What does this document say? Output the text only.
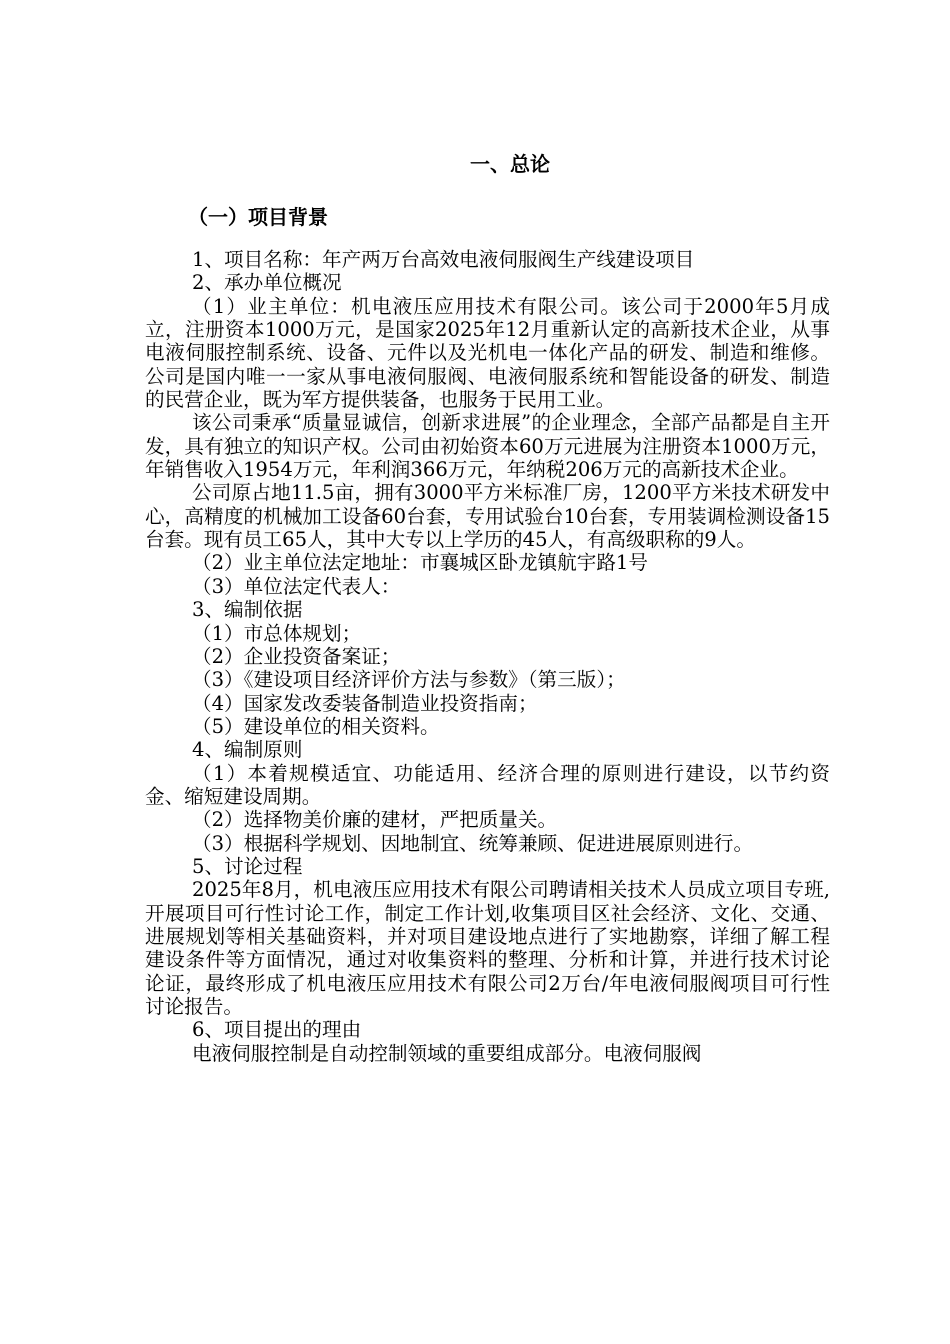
一、总论
（一）项目背景

1、项目名称：年产两万台高效电液伺服阀生产线建设项目

2、承办单位概况

（1）业主单位：机电液压应用技术有限公司。该公司于2000年5月成立，注册资本1000万元，是国家2025年12月重新认定的高新技术企业，从事电液伺服控制系统、设备、元件以及光机电一体化产品的研发、制造和维修。公司是国内唯一一家从事电液伺服阀、电液伺服系统和智能设备的研发、制造的民营企业，既为军方提供装备，也服务于民用工业。

该公司秉承“质量显诚信，创新求进展”的企业理念，全部产品都是自主开发，具有独立的知识产权。公司由初始资本60万元进展为注册资本1000万元，年销售收入1954万元，年利润366万元，年纳税206万元的高新技术企业。

公司原占地11.5亩，拥有3000平方米标准厂房，1200平方米技术研发中心，高精度的机械加工设备60台套，专用试验台10台套，专用装调检测设备15台套。现有员工65人，其中大专以上学历的45人，有高级职称的9人。

（2）业主单位法定地址：市襄城区卧龙镇航宇路1号

（3）单位法定代表人：

3、编制依据

（1）市总体规划；

（2）企业投资备案证；

（3）《建设项目经济评价方法与参数》（第三版）；

（4）国家发改委装备制造业投资指南；

（5）建设单位的相关资料。

4、编制原则

（1）本着规模适宜、功能适用、经济合理的原则进行建设，以节约资金、缩短建设周期。

（2）选择物美价廉的建材，严把质量关。

（3）根据科学规划、因地制宜、统筹兼顾、促进进展原则进行。

5、讨论过程

2025年8月，机电液压应用技术有限公司聘请相关技术人员成立项目专班,开展项目可行性讨论工作，制定工作计划,收集项目区社会经济、文化、交通、进展规划等相关基础资料，并对项目建设地点进行了实地勘察，详细了解工程建设条件等方面情况，通过对收集资料的整理、分析和计算，并进行技术讨论论证，最终形成了机电液压应用技术有限公司2万台/年电液伺服阀项目可行性讨论报告。

6、项目提出的理由

电液伺服控制是自动控制领域的重要组成部分。电液伺服阀
